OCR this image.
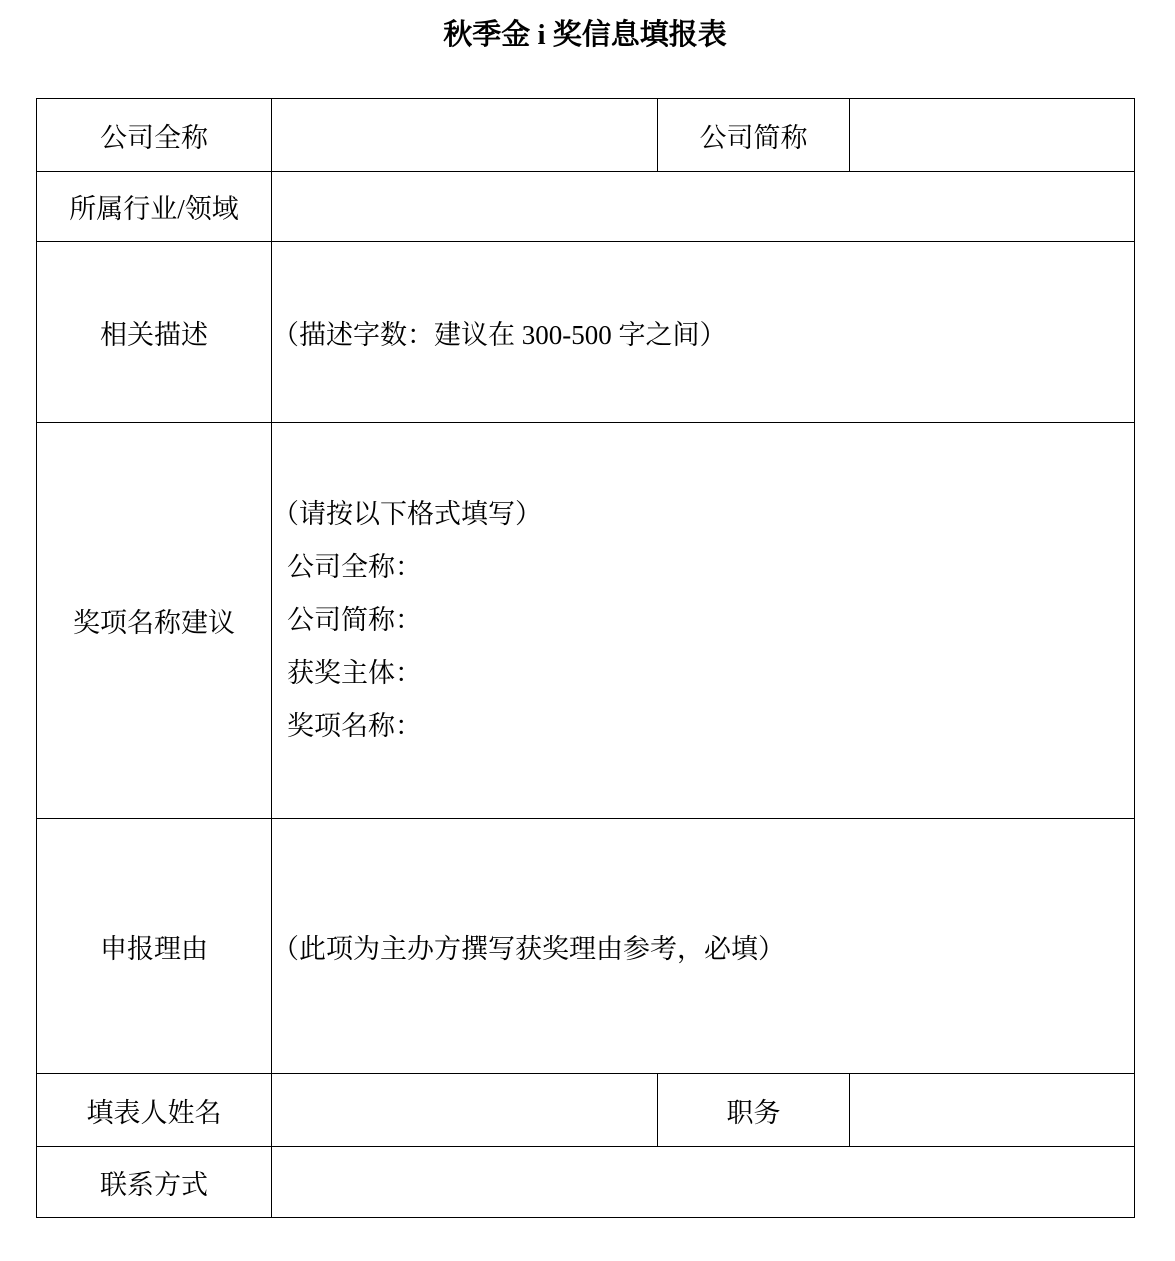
秋季金 i 奖信息填报表
公司全称		公司简称	
所属行业/领域			
相关描述	（描述字数：建议在 300-500 字之间）		
奖项名称建议	（请按以下格式填写）
公司全称：
公司简称：
获奖主体：
奖项名称：		

申报理由	（此项为主办方撰写获奖理由参考，必填）		
填表人姓名		职务	
联系方式			
